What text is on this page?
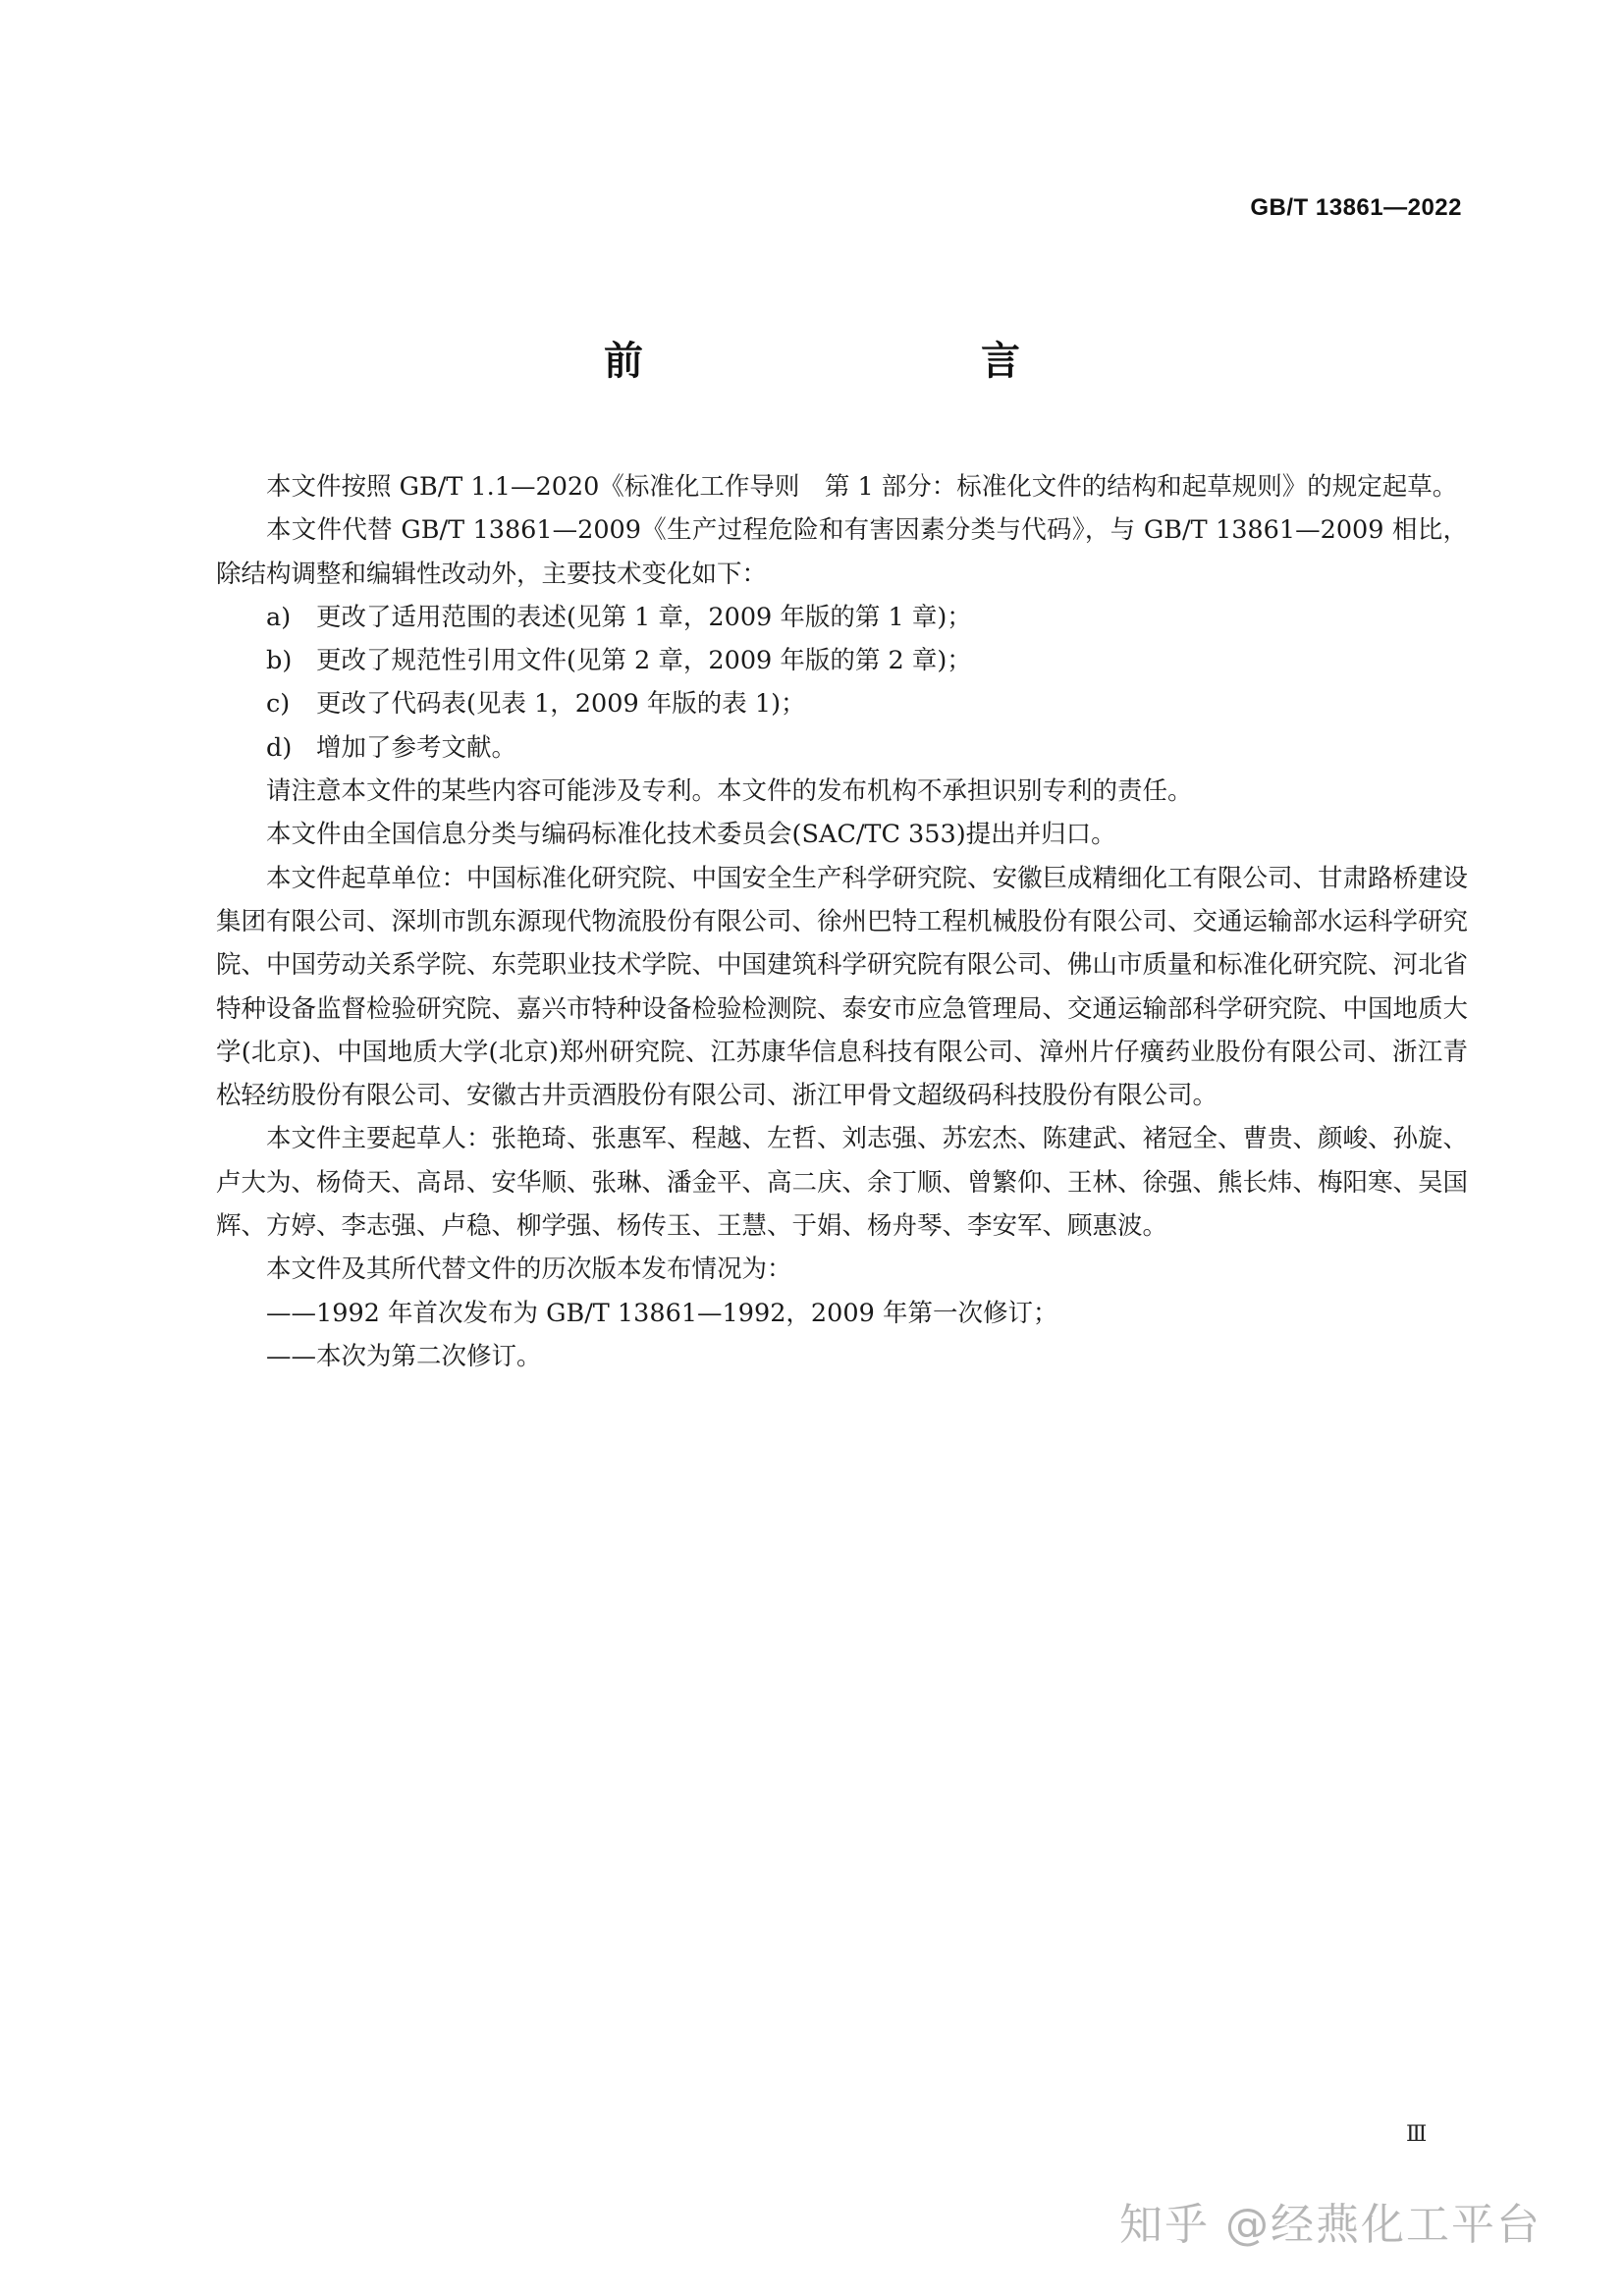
GB/T 13861—2022
前　　言

本文件按照 GB/T 1.1—2020《标准化工作导则　第 1 部分：标准化文件的结构和起草规则》的规定起草。

本文件代替 GB/T 13861—2009《生产过程危险和有害因素分类与代码》，与 GB/T 13861—2009 相比，除结构调整和编辑性改动外，主要技术变化如下：

a) 更改了适用范围的表述(见第 1 章，2009 年版的第 1 章)；

b) 更改了规范性引用文件(见第 2 章，2009 年版的第 2 章)；

c) 更改了代码表(见表 1，2009 年版的表 1)；

d) 增加了参考文献。

请注意本文件的某些内容可能涉及专利。本文件的发布机构不承担识别专利的责任。

本文件由全国信息分类与编码标准化技术委员会(SAC/TC 353)提出并归口。

本文件起草单位：中国标准化研究院、中国安全生产科学研究院、安徽巨成精细化工有限公司、甘肃路桥建设集团有限公司、深圳市凯东源现代物流股份有限公司、徐州巴特工程机械股份有限公司、交通运输部水运科学研究院、中国劳动关系学院、东莞职业技术学院、中国建筑科学研究院有限公司、佛山市质量和标准化研究院、河北省特种设备监督检验研究院、嘉兴市特种设备检验检测院、泰安市应急管理局、交通运输部科学研究院、中国地质大学(北京)、中国地质大学(北京)郑州研究院、江苏康华信息科技有限公司、漳州片仔癀药业股份有限公司、浙江青松轻纺股份有限公司、安徽古井贡酒股份有限公司、浙江甲骨文超级码科技股份有限公司。

本文件主要起草人：张艳琦、张惠军、程越、左哲、刘志强、苏宏杰、陈建武、褚冠全、曹贵、颜峻、孙旋、卢大为、杨倚天、高昂、安华顺、张琳、潘金平、高二庆、余丁顺、曾繁仰、王林、徐强、熊长炜、梅阳寒、吴国辉、方婷、李志强、卢稳、柳学强、杨传玉、王慧、于娟、杨舟琴、李安军、顾惠波。

本文件及其所代替文件的历次版本发布情况为：

——1992 年首次发布为 GB/T 13861—1992，2009 年第一次修订；

——本次为第二次修订。

Ⅲ
知乎 @经燕化工平台
